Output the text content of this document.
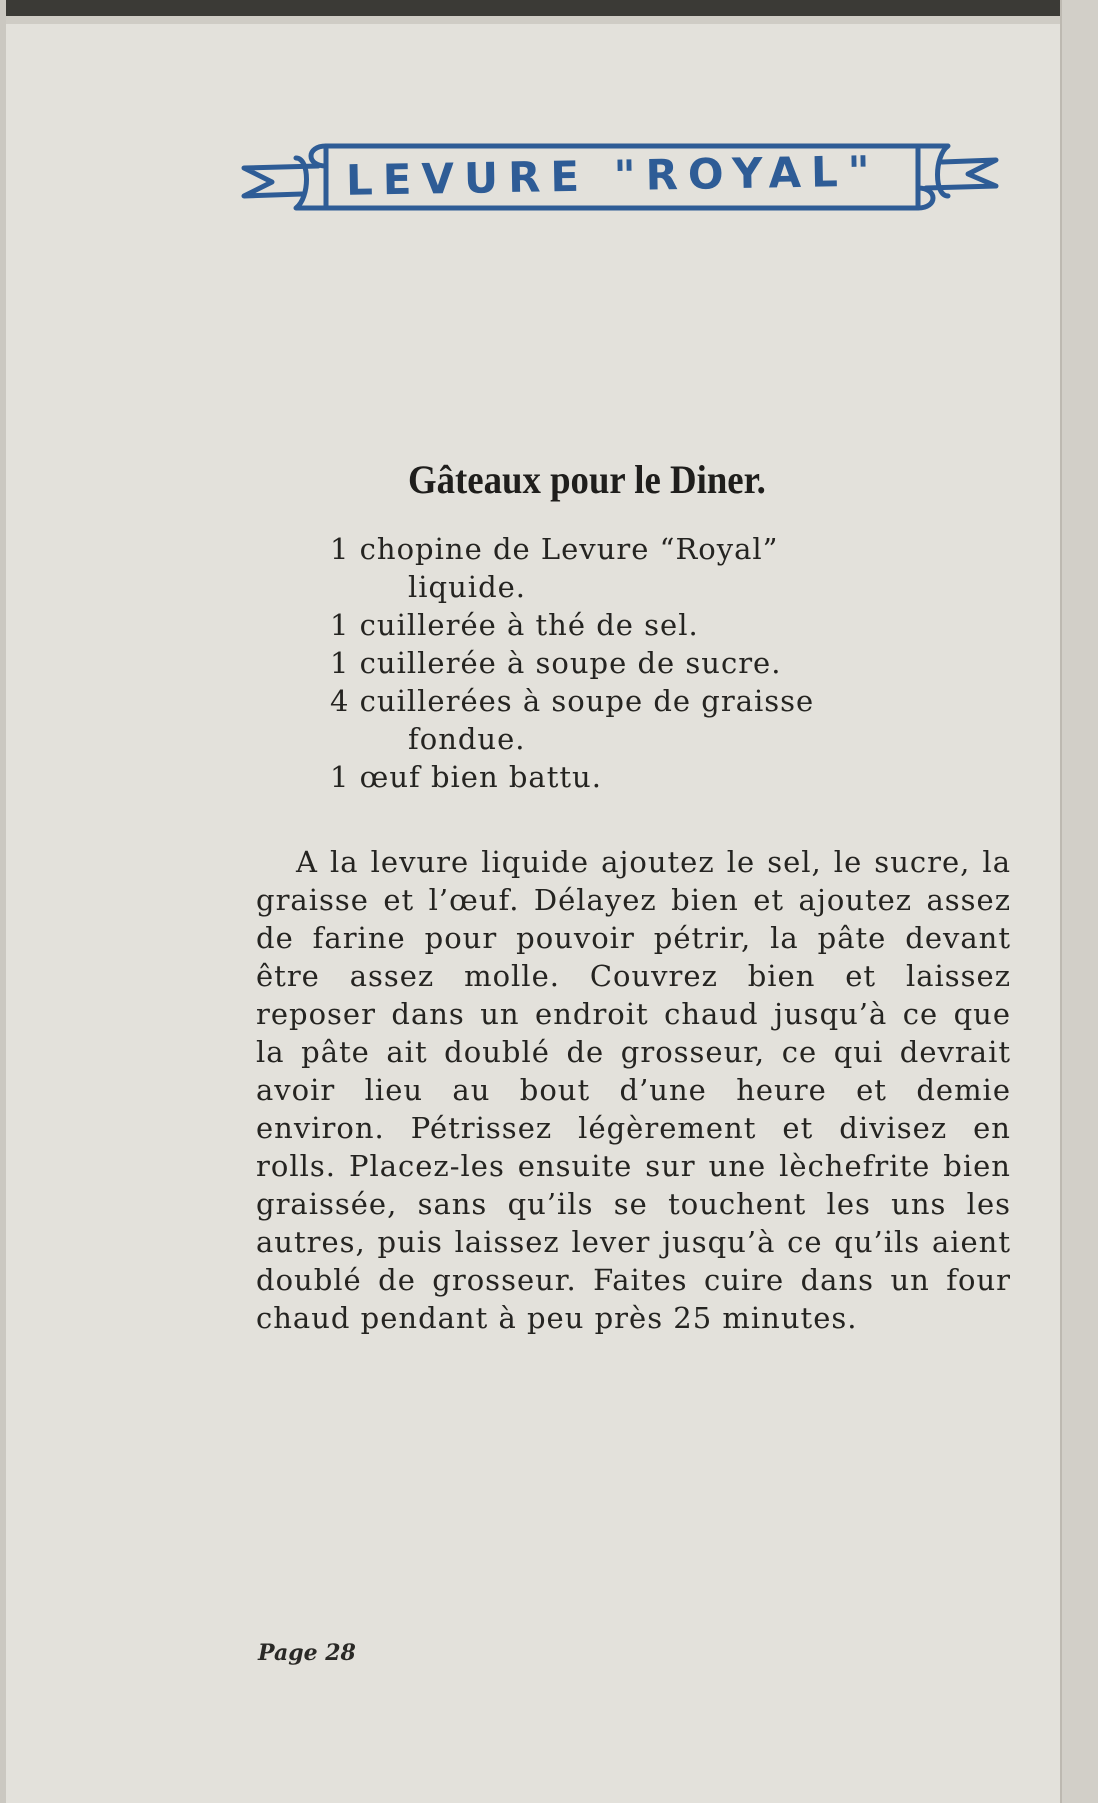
LEVURE "ROYAL"
Gâteaux pour le Diner.
1 chopine de Levure “Royal”
liquide.
1 cuillerée à thé de sel.
1 cuillerée à soupe de sucre.
4 cuillerées à soupe de graisse
fondue.
1 œuf bien battu.

A la levure liquide ajoutez le sel, le sucre, la graisse et l’œuf. Délayez bien et ajoutez assez de farine pour pouvoir pétrir, la pâte devant être assez molle. Couvrez bien et laissez reposer dans un endroit chaud jusqu’à ce que la pâte ait doublé de grosseur, ce qui devrait avoir lieu au bout d’une heure et demie environ. Pétrissez légèrement et divisez en rolls. Placez-les ensuite sur une lèchefrite bien graissée, sans qu’ils se touchent les uns les autres, puis laissez lever jusqu’à ce qu’ils aient doublé de grosseur. Faites cuire dans un four chaud pendant à peu près 25 minutes.

Page 28
